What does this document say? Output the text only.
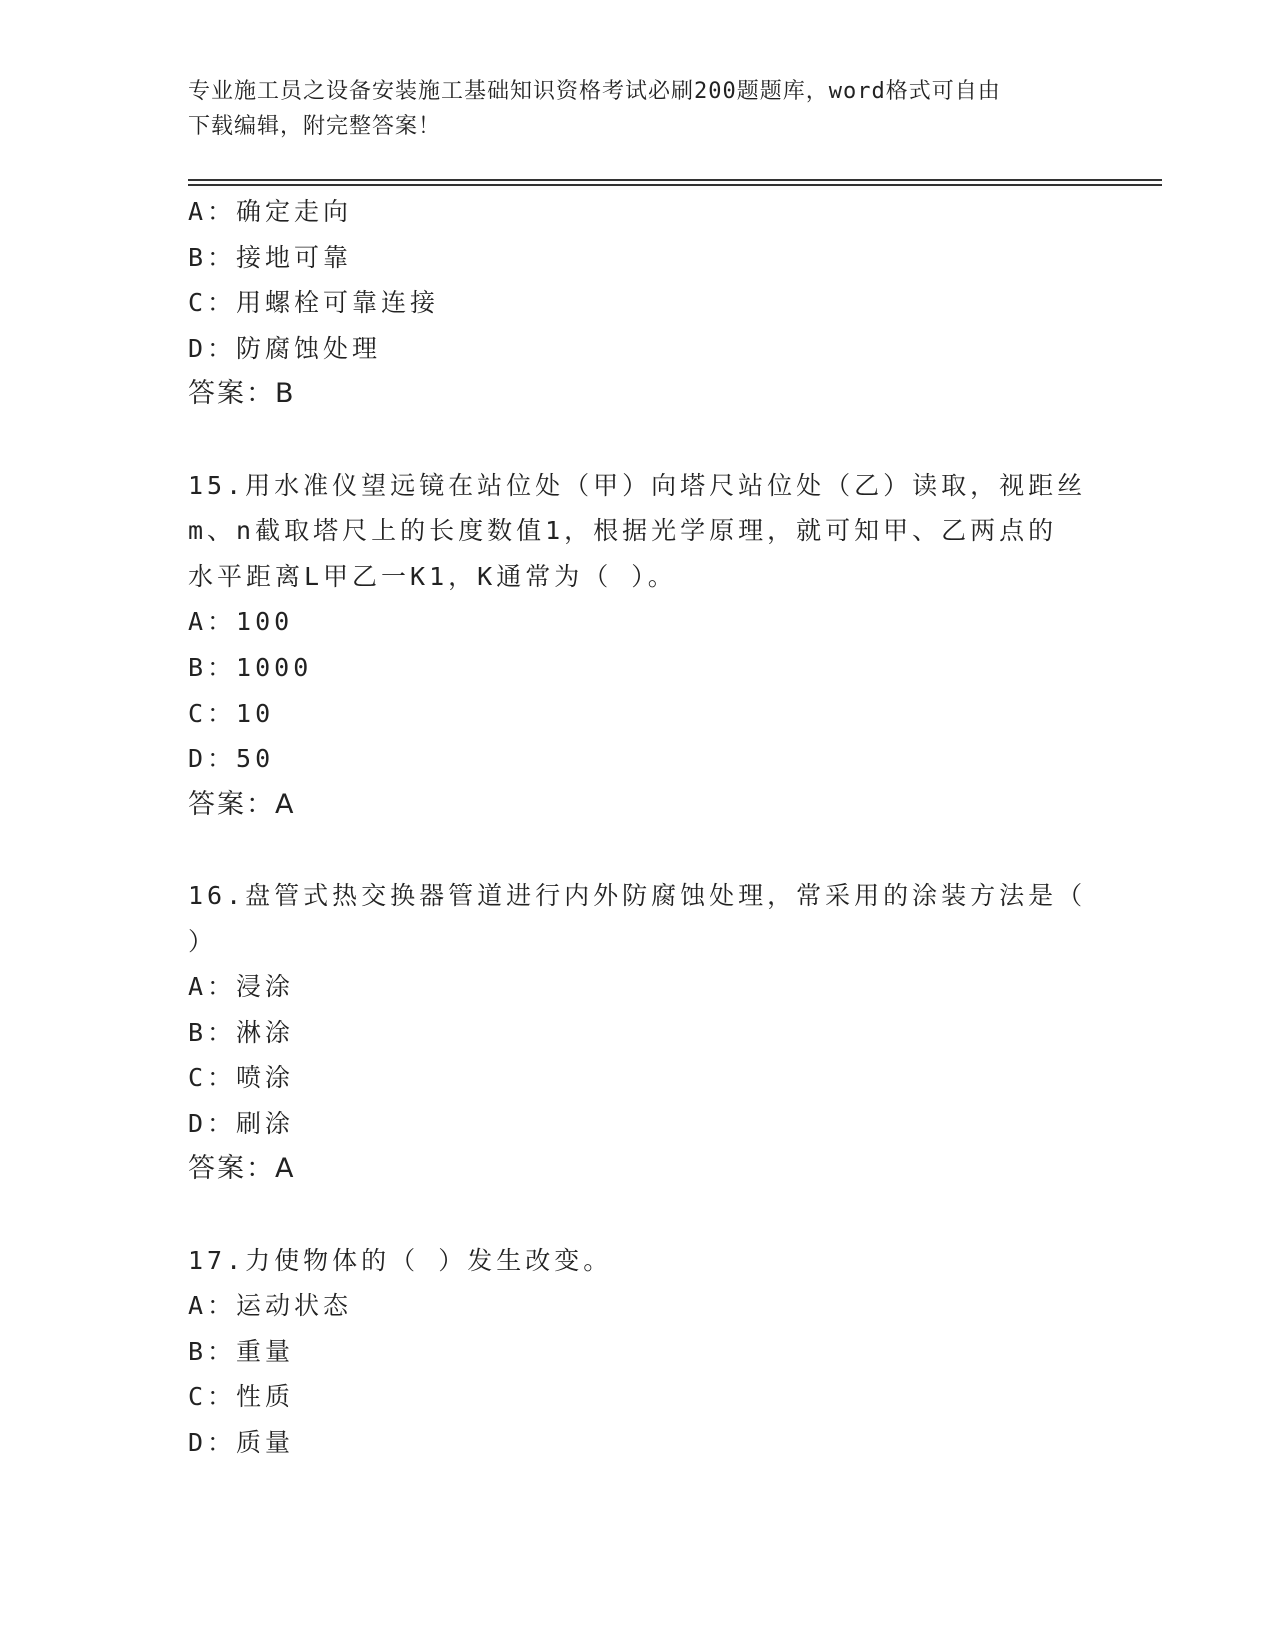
专业施工员之设备安装施工基础知识资格考试必刷200题题库，word格式可自由
下载编辑，附完整答案！
A：确定走向
B：接地可靠
C：用螺栓可靠连接
D：防腐蚀处理
答案：B
15.用水准仪望远镜在站位处（甲）向塔尺站位处（乙）读取，视距丝
m、n截取塔尺上的长度数值1，根据光学原理，就可知甲、乙两点的
水平距离L甲乙一K1，K通常为（ ）。
A：100
B：1000
C：10
D：50
答案：A
16.盘管式热交换器管道进行内外防腐蚀处理，常采用的涂装方法是（
）
A：浸涂
B：淋涂
C：喷涂
D：刷涂
答案：A
17.力使物体的（ ）发生改变。
A：运动状态
B：重量
C：性质
D：质量
